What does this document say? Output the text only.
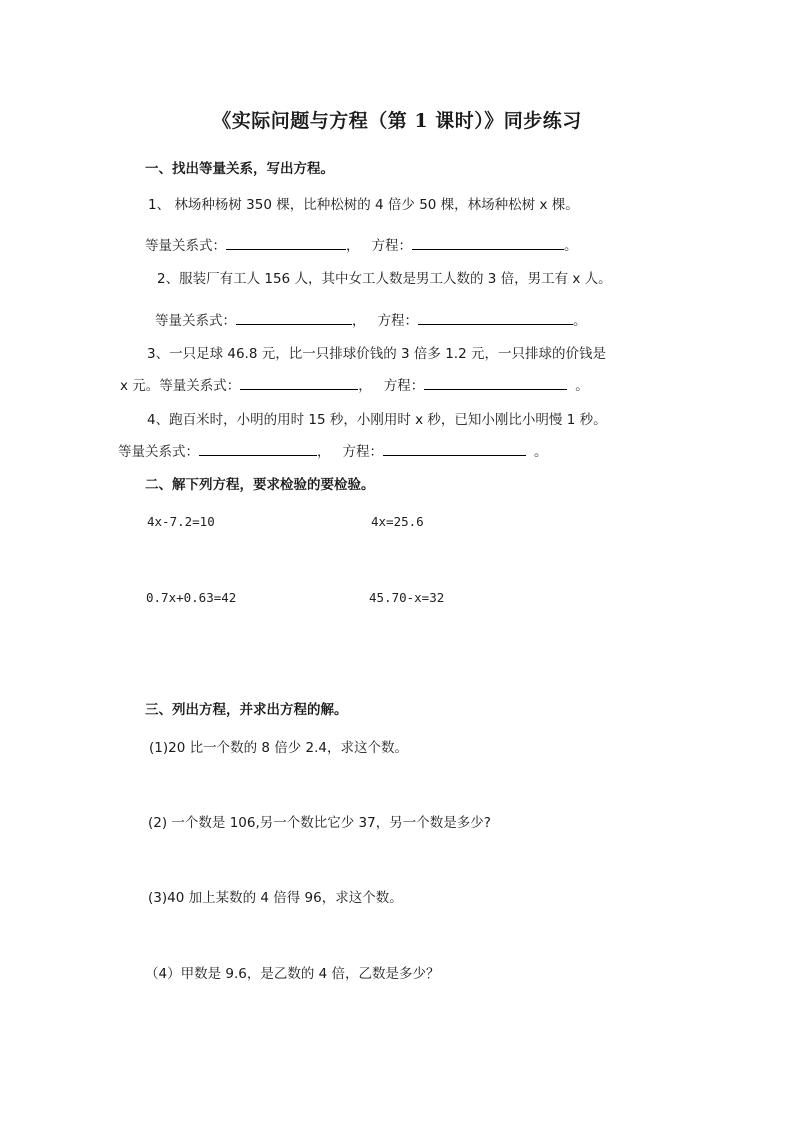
《实际问题与方程（第 1 课时）》同步练习
一、找出等量关系，写出方程。
1、 林场种杨树 350 棵，比种松树的 4 倍少 50 棵，林场种松树 x 棵。
等量关系式：	， 方程：	。
2、服装厂有工人 156 人，其中女工人数是男工人数的 3 倍，男工有 x 人。
等量关系式：	， 方程：	。
3、一只足球 46.8 元，比一只排球价钱的 3 倍多 1.2 元，一只排球的价钱是
x 元。等量关系式：	， 方程：	。
4、跑百米时，小明的用时 15 秒，小刚用时 x 秒，已知小刚比小明慢 1 秒。
等量关系式：	， 方程：	。
二、解下列方程，要求检验的要检验。
4x-7.2=10	4x=25.6
0.7x+0.63=42	45.70-x=32
三、列出方程，并求出方程的解。
(1)20 比一个数的 8 倍少 2.4，求这个数。
(2) 一个数是 106,另一个数比它少 37，另一个数是多少?
(3)40 加上某数的 4 倍得 96，求这个数。
（4）甲数是 9.6，是乙数的 4 倍，乙数是多少？
